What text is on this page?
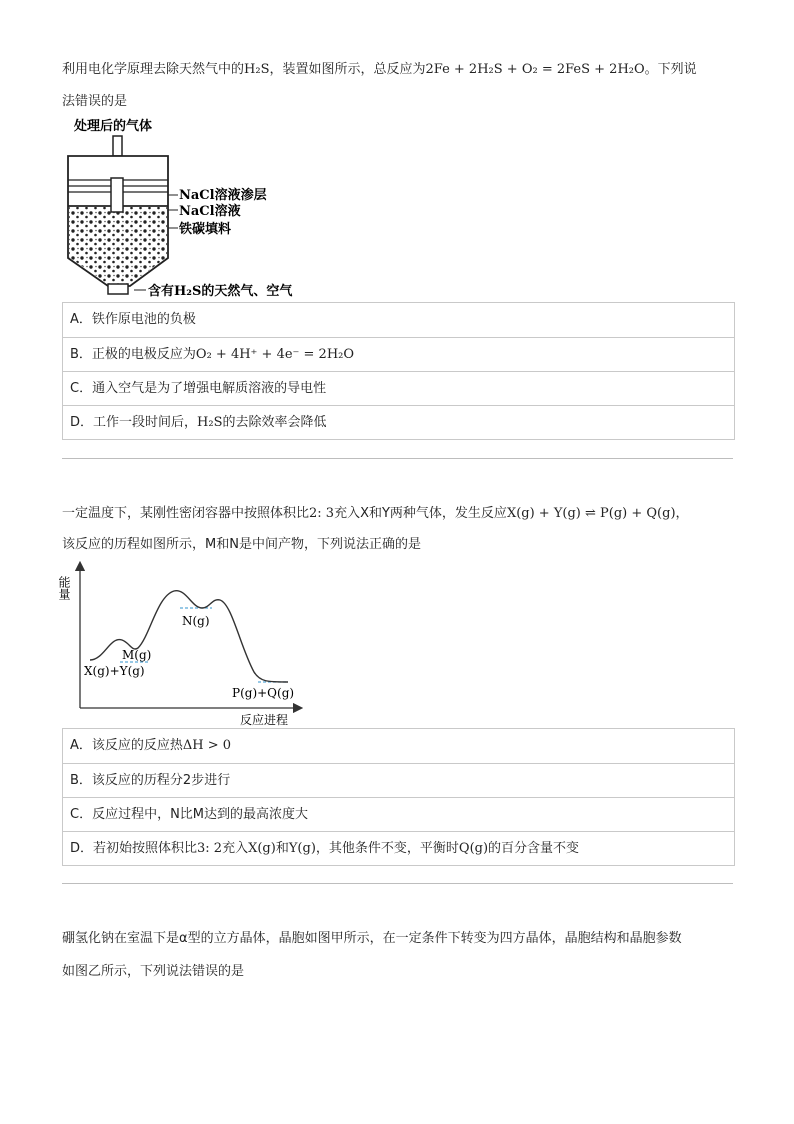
利用电化学原理去除天然气中的H₂S，装置如图所示，总反应为2Fe + 2H₂S + O₂ = 2FeS + 2H₂O。下列说
法错误的是
处理后的气体
NaCl溶液渗层
NaCl溶液
铁碳填料
含有H₂S的天然气、空气
A．铁作原电池的负极
B．正极的电极反应为O₂ + 4H⁺ + 4e⁻ = 2H₂O
C．通入空气是为了增强电解质溶液的导电性
D．工作一段时间后，H₂S的去除效率会降低
一定温度下，某刚性密闭容器中按照体积比2: 3充入X和Y两种气体，发生反应X(g) + Y(g) ⇌ P(g) + Q(g)，
该反应的历程如图所示，M和N是中间产物，下列说法正确的是
能量
反应进程
M(g)
N(g)
X(g)+Y(g)
P(g)+Q(g)
A．该反应的反应热ΔH > 0
B．该反应的历程分2步进行
C．反应过程中，N比M达到的最高浓度大
D．若初始按照体积比3: 2充入X(g)和Y(g)，其他条件不变，平衡时Q(g)的百分含量不变
硼氢化钠在室温下是α型的立方晶体，晶胞如图甲所示，在一定条件下转变为四方晶体，晶胞结构和晶胞参数
如图乙所示，下列说法错误的是
